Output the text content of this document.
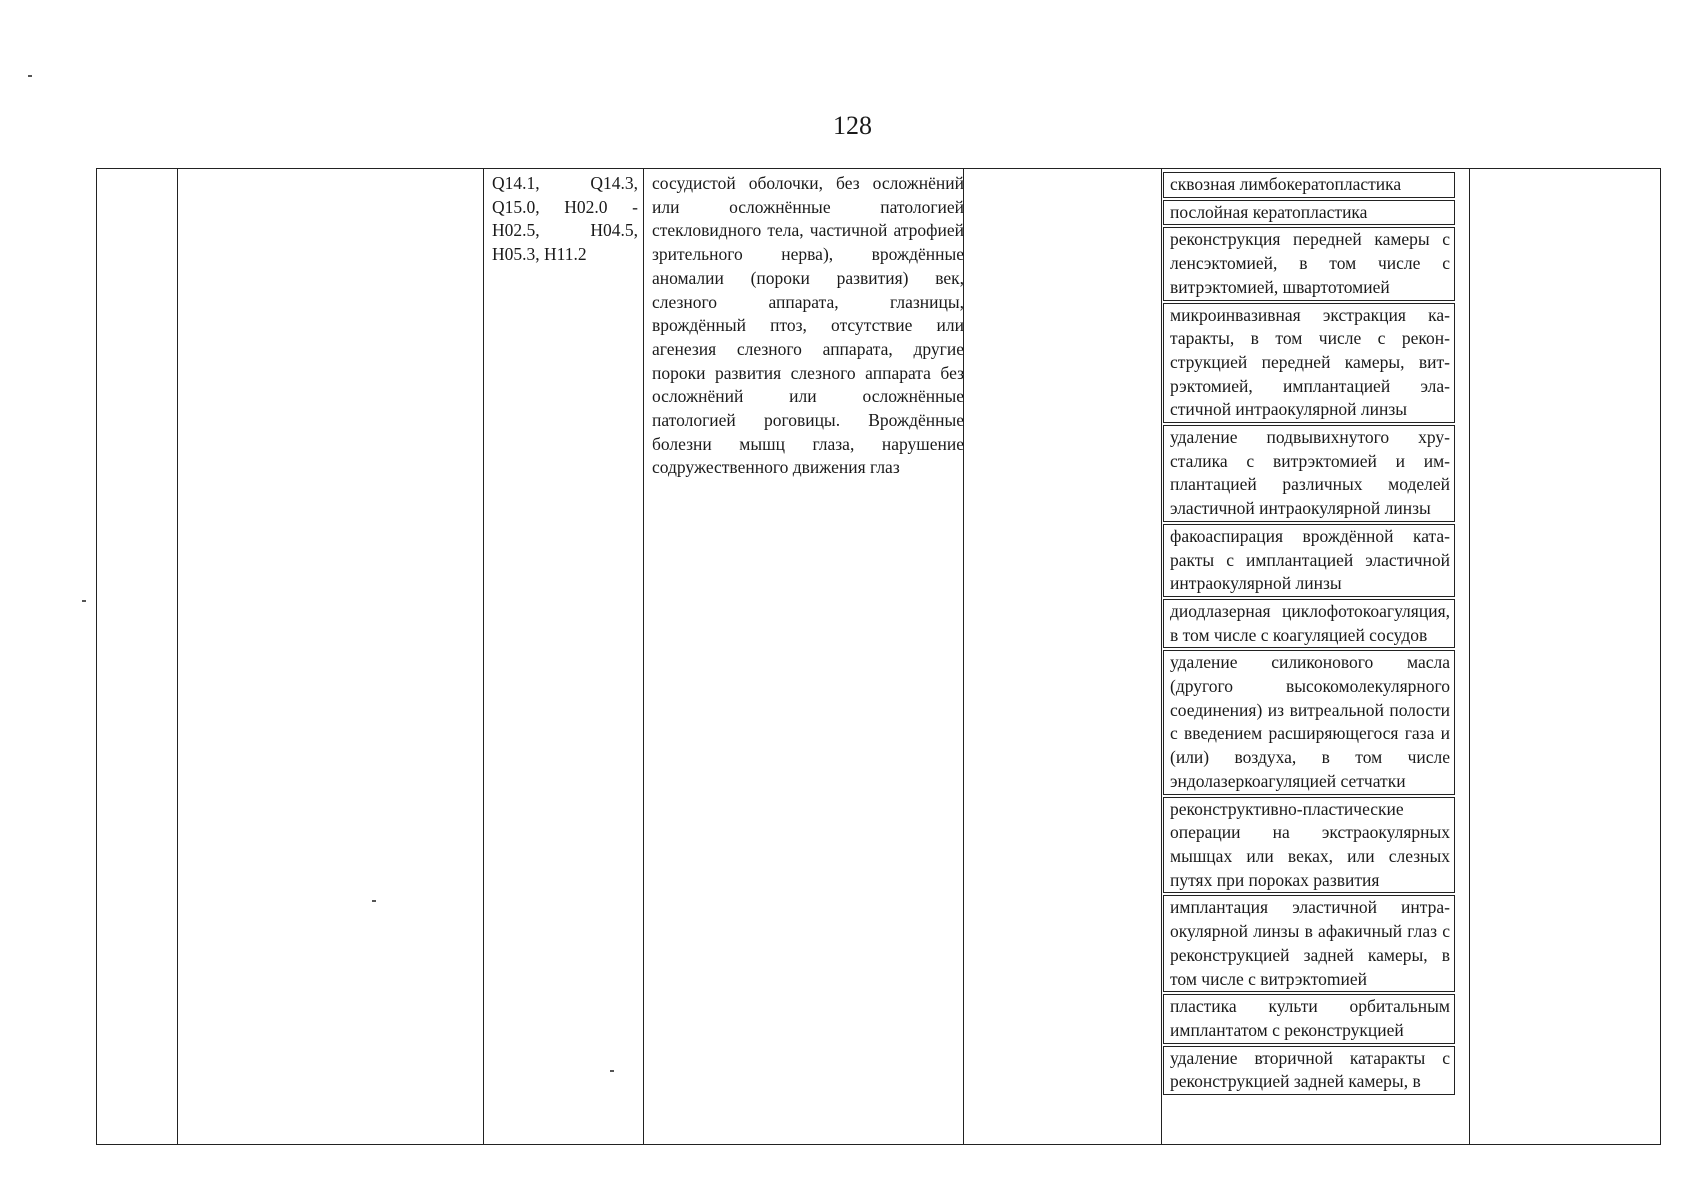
128
Q14.1, Q14.3, Q15.0, H02.0 - H02.5, H04.5, H05.3, H11.2
сосудистой оболочки, без осложнёний или осложнённые патологией стекловидного тела, частичной атрофией зрительного нерва), врождённые аномалии (пороки развития) век, слезного аппарата, глазницы, врождённый птоз, отсутствие или агенезия слезного аппарата, другие пороки развития слезного аппарата без осложнёний или осложнённые патологией роговицы. Врождённые болезни мышц глаза, нарушение содружественного движения глаз
сквозная лимбокератопластика
послойная кератопластика
реконструкция передней камеры с ленсэктомией, в том числе с витрэктомией, швартотомией
микроинвазивная экстракция катаракты, в том числе с реконструкцией передней камеры, витрэктомией, имплантацией эластичной интраокулярной линзы
удаление подвывихнутого хрусталика с витрэктомией и имплантацией различных моделей эластичной интраокулярной линзы
факоаспирация врождённой катаракты с имплантацией эластичной интраокулярной линзы
диодлазерная циклофотокоагуляция, в том числе с коагуляцией сосудов
удаление силиконового масла (другого высокомолекулярного соединения) из витреальной полости с введением расширяющегося газа и (или) воздуха, в том числе эндолазеркоагуляцией сетчатки
реконструктивно-пластические операции на экстраокулярных мышцах или веках, или слезных путях при пороках развития
имплантация эластичной интраокулярной линзы в афакичный глаз с реконструкцией задней камеры, в том числе с витрэктоmией
пластика культи орбитальным имплантатом с реконструкцией
удаление вторичной катаракты с реконструкцией задней камеры, в
